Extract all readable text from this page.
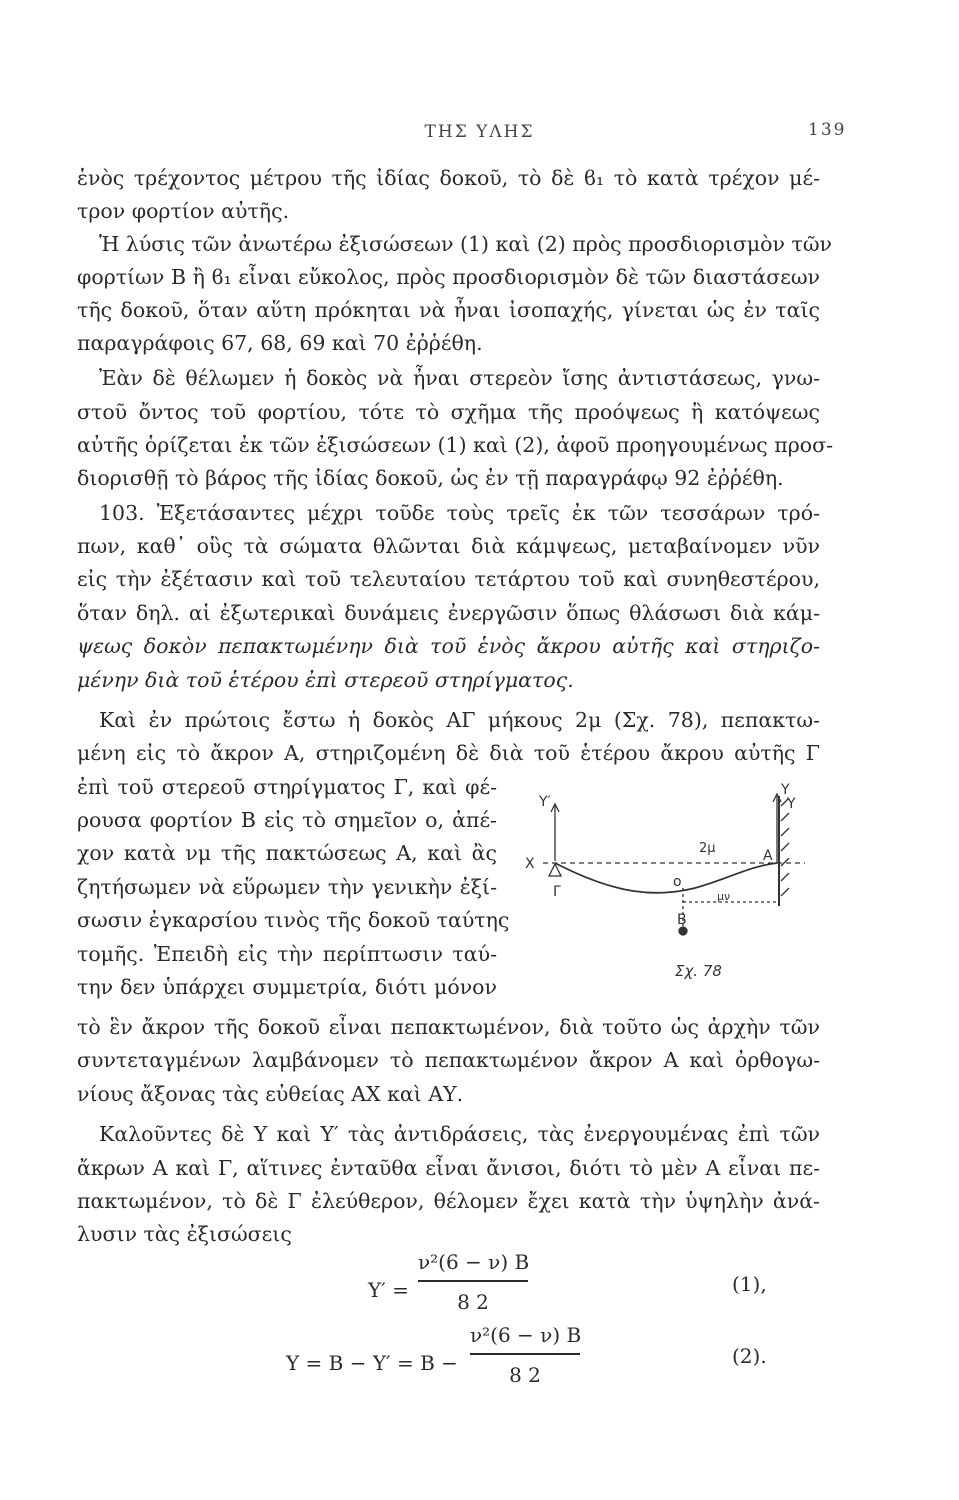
ΤΗΣ ΥΛΗΣ	139
ἑνὸς τρέχοντος μέτρου τῆς ἰδίας δοκοῦ, τὸ δὲ ϐ₁ τὸ κατὰ τρέχον μέ-
τρον φορτίον αὐτῆς.
Ἡ λύσις τῶν ἀνωτέρω ἐξισώσεων (1) καὶ (2) πρὸς προσδιορισμὸν τῶν
φορτίων Β ἢ ϐ₁ εἶναι εὔκολος, πρὸς προσδιορισμὸν δὲ τῶν διαστάσεων
τῆς δοκοῦ, ὅταν αὕτη πρόκηται νὰ ἦναι ἰσοπαχής, γίνεται ὡς ἐν ταῖς
παραγράφοις 67, 68, 69 καὶ 70 ἐῤῥέθη.
Ἐὰν δὲ θέλωμεν ἡ δοκὸς νὰ ἦναι στερεὸν ἴσης ἀντιστάσεως, γνω-
στοῦ ὄντος τοῦ φορτίου, τότε τὸ σχῆμα τῆς προόψεως ἢ κατόψεως
αὐτῆς ὁρίζεται ἐκ τῶν ἐξισώσεων (1) καὶ (2), ἀφοῦ προηγουμένως προσ-
διορισθῇ τὸ βάρος τῆς ἰδίας δοκοῦ, ὡς ἐν τῇ παραγράφῳ 92 ἐῤῥέθη.
103. Ἐξετάσαντες μέχρι τοῦδε τοὺς τρεῖς ἐκ τῶν τεσσάρων τρό-
πων, καθ᾽ οὓς τὰ σώματα θλῶνται διὰ κάμψεως, μεταβαίνομεν νῦν
εἰς τὴν ἐξέτασιν καὶ τοῦ τελευταίου τετάρτου τοῦ καὶ συνηθεστέρου,
ὅταν δηλ. αἱ ἐξωτερικαὶ δυνάμεις ἐνεργῶσιν ὅπως θλάσωσι διὰ κάμ-
ψεως δοκὸν πεπακτωμένην διὰ τοῦ ἑνὸς ἄκρου αὐτῆς καὶ στηριζο-
μένην διὰ τοῦ ἑτέρου ἐπὶ στερεοῦ στηρίγματος.
Καὶ ἐν πρώτοις ἔστω ἡ δοκὸς ΑΓ μήκους 2μ (Σχ. 78), πεπακτω-
μένη εἰς τὸ ἄκρον Α, στηριζομένη δὲ διὰ τοῦ ἑτέρου ἄκρου αὐτῆς Γ
ἐπὶ τοῦ στερεοῦ στηρίγματος Γ, καὶ φέ-
ρουσα φορτίον Β εἰς τὸ σημεῖον ο, ἀπέ-
χον κατὰ νμ τῆς πακτώσεως Α, καὶ ἂς
ζητήσωμεν νὰ εὕρωμεν τὴν γενικὴν ἐξί-
σωσιν ἐγκαρσίου τινὸς τῆς δοκοῦ ταύτης
τομῆς. Ἐπειδὴ εἰς τὴν περίπτωσιν ταύ-
την δεν ὑπάρχει συμμετρία, διότι μόνον
τὸ ἓν ἄκρον τῆς δοκοῦ εἶναι πεπακτωμένον, διὰ τοῦτο ὡς ἀρχὴν τῶν
συντεταγμένων λαμβάνομεν τὸ πεπακτωμένον ἄκρον Α καὶ ὀρθογω-
νίους ἄξονας τὰς εὐθείας ΑΧ καὶ ΑΥ.
Καλοῦντες δὲ Υ καὶ Υ′ τὰς ἀντιδράσεις, τὰς ἐνεργουμένας ἐπὶ τῶν
ἄκρων Α καὶ Γ, αἵτινες ἐνταῦθα εἶναι ἄνισοι, διότι τὸ μὲν Α εἶναι πε-
πακτωμένον, τὸ δὲ Γ ἐλεύθερον, θέλομεν ἔχει κατὰ τὴν ὑψηλὴν ἀνά-
λυσιν τὰς ἐξισώσεις
Υ′
Υ
Υ
Χ	Α
Γ
ο
Β
2μ
μν
Σχ. 78
Υ′ =
ν²(6 − ν) Β
8 2
(1),
Υ = Β − Υ′ = Β −
ν²(6 − ν) Β
8 2
(2).
